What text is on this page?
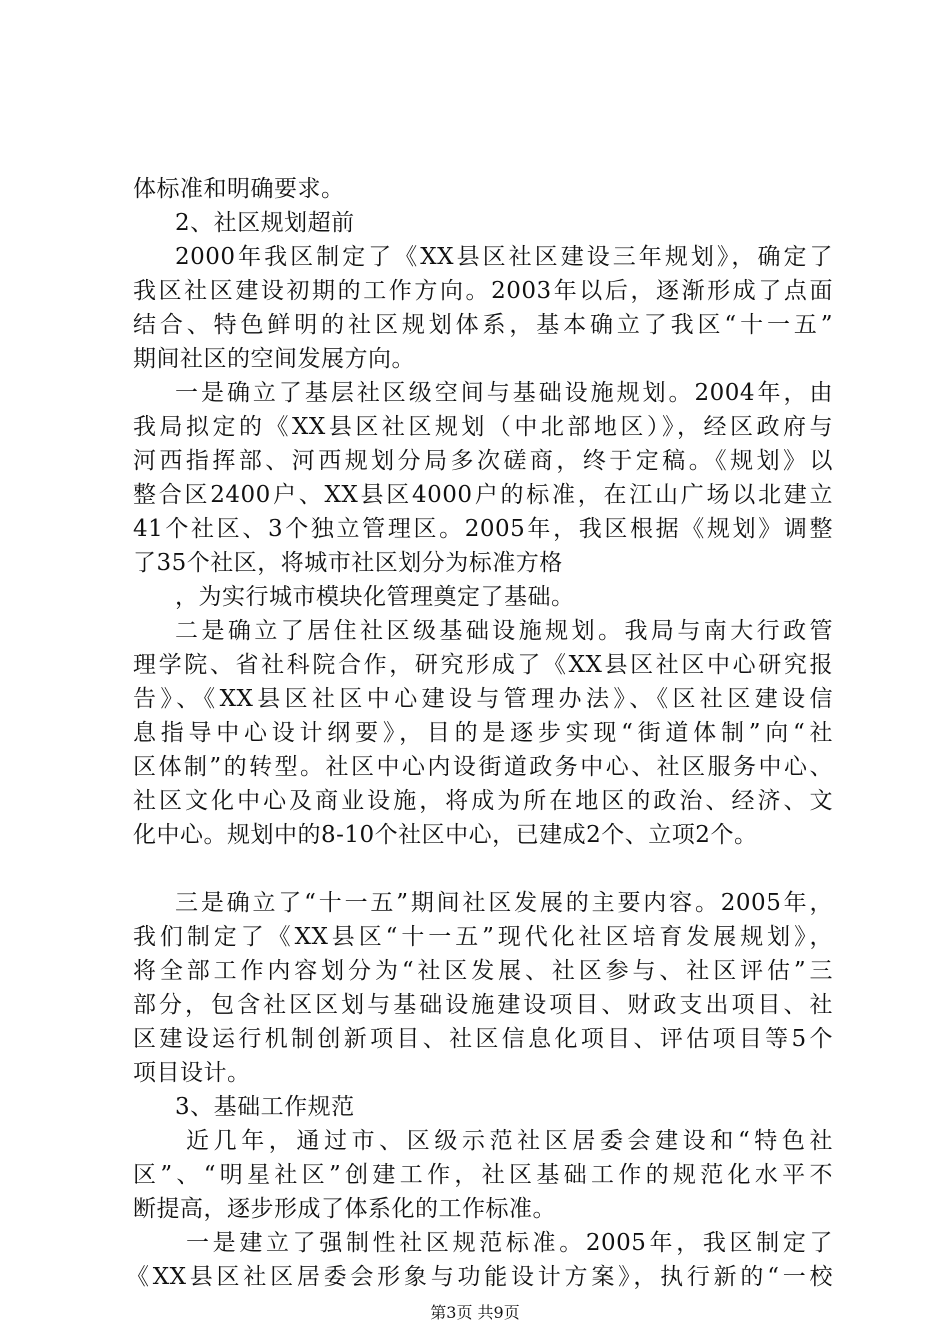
体标准和明确要求。
2、社区规划超前
2000年我区制定了《XX县区社区建设三年规划》，确定了
我区社区建设初期的工作方向。2003年以后，逐渐形成了点面
结合、特色鲜明的社区规划体系，基本确立了我区“十一五”
期间社区的空间发展方向。
一是确立了基层社区级空间与基础设施规划。2004年，由
我局拟定的《XX县区社区规划（中北部地区）》，经区政府与
河西指挥部、河西规划分局多次磋商，终于定稿。《规划》以
整合区2400户、XX县区4000户的标准，在江山广场以北建立
41个社区、3个独立管理区。2005年，我区根据《规划》调整
了35个社区，将城市社区划分为标准方格
，为实行城市模块化管理奠定了基础。
二是确立了居住社区级基础设施规划。我局与南大行政管
理学院、省社科院合作，研究形成了《XX县区社区中心研究报
告》、《XX县区社区中心建设与管理办法》、《区社区建设信
息指导中心设计纲要》，目的是逐步实现“街道体制”向“社
区体制”的转型。社区中心内设街道政务中心、社区服务中心、
社区文化中心及商业设施，将成为所在地区的政治、经济、文
化中心。规划中的8-10个社区中心，已建成2个、立项2个。
三是确立了“十一五”期间社区发展的主要内容。2005年，
我们制定了《XX县区“十一五”现代化社区培育发展规划》，
将全部工作内容划分为“社区发展、社区参与、社区评估”三
部分，包含社区区划与基础设施建设项目、财政支出项目、社
区建设运行机制创新项目、社区信息化项目、评估项目等5个
项目设计。
3、基础工作规范
近几年，通过市、区级示范社区居委会建设和“特色社
区”、“明星社区”创建工作，社区基础工作的规范化水平不
断提高，逐步形成了体系化的工作标准。
一是建立了强制性社区规范标准。2005年，我区制定了
《XX县区社区居委会形象与功能设计方案》，执行新的“一校
第3页 共9页
